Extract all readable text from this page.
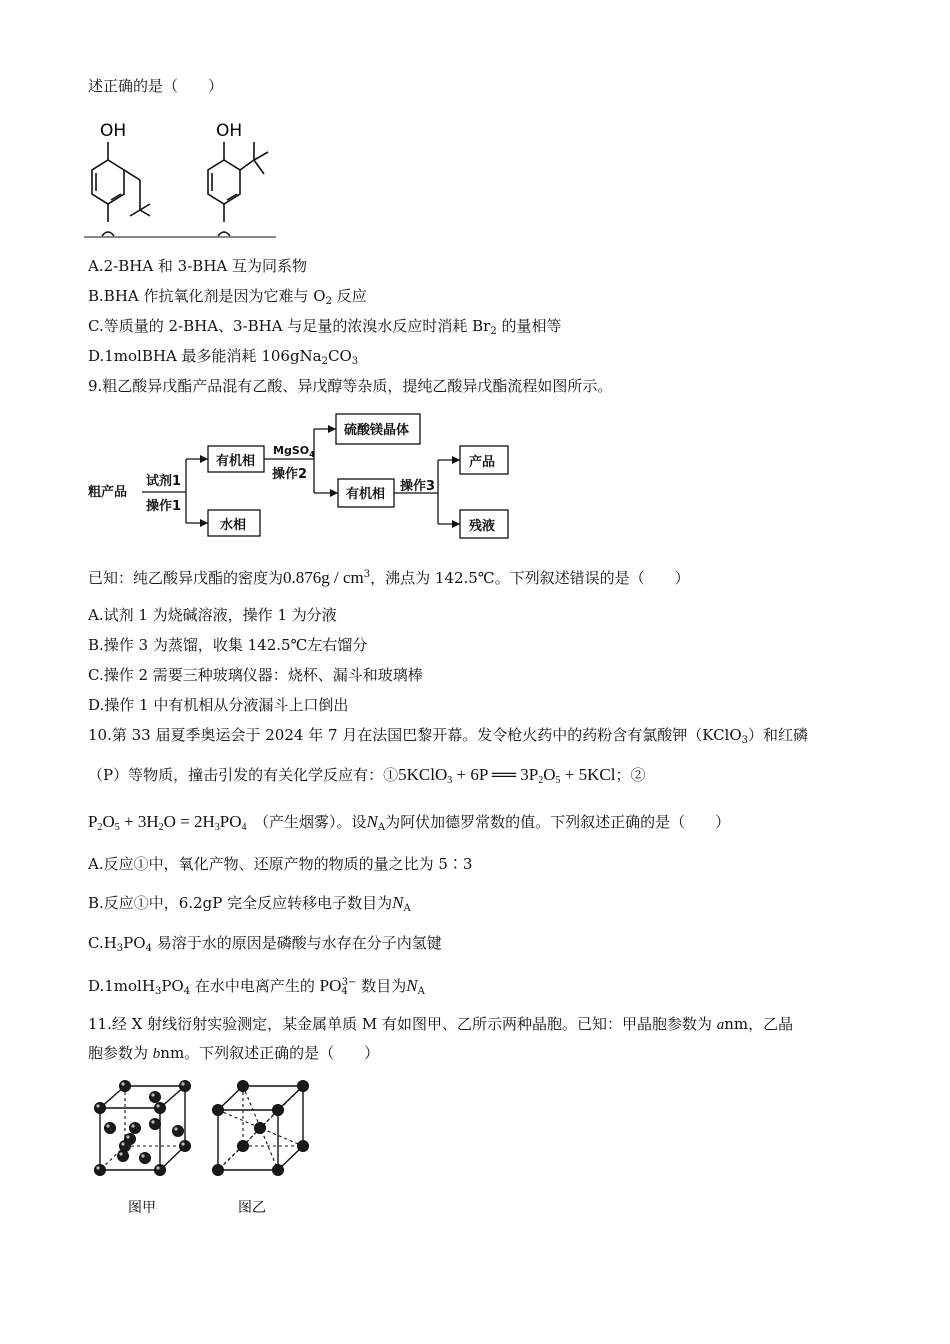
述正确的是（　　）
OH	OH
A.2-BHA 和 3-BHA 互为同系物
B.BHA 作抗氧化剂是因为它难与 $O_2$ 反应
C.等质量的 2-BHA、3-BHA 与足量的浓溴水反应时消耗 $Br_2$ 的量相等
D.1molBHA 最多能消耗 $106gNa_2CO_3$
9.粗乙酸异戊酯产品混有乙酸、异戊醇等杂质，提纯乙酸异戊酯流程如图所示。
粗产品
试剂1
操作1
有机相
水相
MgSO$_4$
操作2
硫酸镁晶体
有机相
操作3
产品
残液
已知：纯乙酸异戊酯的密度为$0.876g / cm^3$，沸点为 142.5℃。下列叙述错误的是（　　）
A.试剂 1 为烧碱溶液，操作 1 为分液
B.操作 3 为蒸馏，收集 142.5℃左右馏分
C.操作 2 需要三种玻璃仪器：烧杯、漏斗和玻璃棒
D.操作 1 中有机相从分液漏斗上口倒出
10.第 33 届夏季奥运会于 2024 年 7 月在法国巴黎开幕。发令枪火药中的药粉含有氯酸钾（KClO$_3$）和红磷
（P）等物质，撞击引发的有关化学反应有：①5KClO$_3$ + 6P ══ $3P_2O_5 + 5KCl$；②
$P_2O_5 + 3H_2O = 2H_3PO_4$　 （产生烟雾）。设$N_A$为阿伏加德罗常数的值。下列叙述正确的是（　　）
A.反应①中，氧化产物、还原产物的物质的量之比为 5∶3
B.反应①中，6.2gP 完全反应转移电子数目为$N_A$
$C.H_3PO_4$ 易溶于水的原因是磷酸与水存在分子内氢键
$D.1molH_3PO_4$ 在水中电离产生的 $PO_4^{3-}$ 数目为$N_A$
11.经 X 射线衍射实验测定，某金属单质 M 有如图甲、乙所示两种晶胞。已知：甲晶胞参数为 anm，乙晶
胞参数为 bnm。下列叙述正确的是（　　）
图甲	图乙
